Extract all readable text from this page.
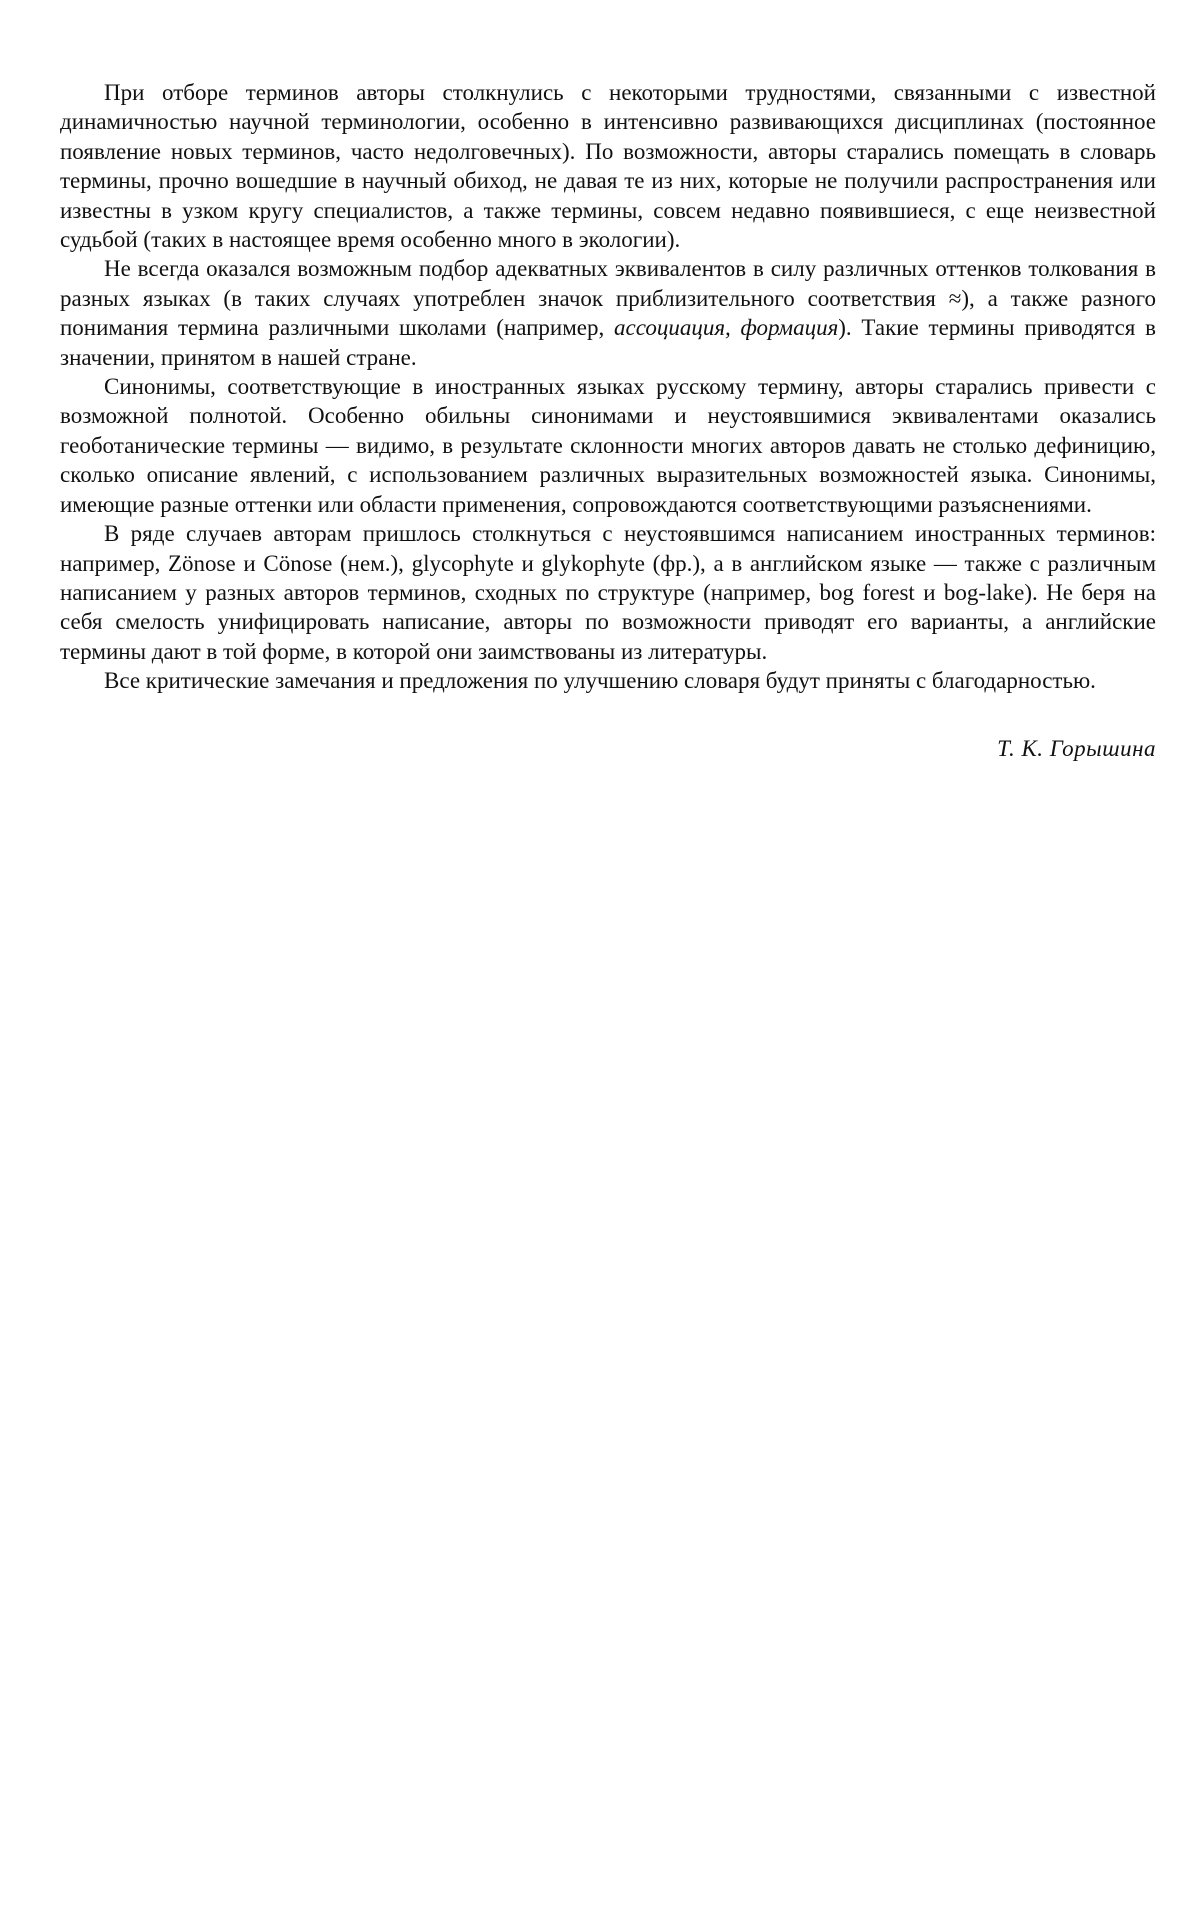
При отборе терминов авторы столкнулись с некоторыми трудностями, связанными с известной динамичностью научной терминологии, особенно в интенсивно развивающихся дисциплинах (постоянное появление новых терминов, часто недолговечных). По возможности, авторы старались помещать в словарь термины, прочно вошедшие в научный обиход, не давая те из них, которые не получили распространения или известны в узком кругу специалистов, а также термины, совсем недавно появившиеся, с еще неизвестной судьбой (таких в настоящее время особенно много в экологии).

Не всегда оказался возможным подбор адекватных эквивалентов в силу различных оттенков толкования в разных языках (в таких случаях употреблен значок приблизительного соответствия ≈), а также разного понимания термина различными школами (например, ассоциация, формация). Такие термины приводятся в значении, принятом в нашей стране.

Синонимы, соответствующие в иностранных языках русскому термину, авторы старались привести с возможной полнотой. Особенно обильны синонимами и неустоявшимися эквивалентами оказались геоботанические термины — видимо, в результате склонности многих авторов давать не столько дефиницию, сколько описание явлений, с использованием различных выразительных возможностей языка. Синонимы, имеющие разные оттенки или области применения, сопровождаются соответствующими разъяснениями.

В ряде случаев авторам пришлось столкнуться с неустоявшимся написанием иностранных терминов: например, Zönose и Cönose (нем.), glycophyte и glykophyte (фр.), а в английском языке — также с различным написанием у разных авторов терминов, сходных по структуре (например, bog forest и bog-lake). Не беря на себя смелость унифицировать написание, авторы по возможности приводят его варианты, а английские термины дают в той форме, в которой они заимствованы из литературы.

Все критические замечания и предложения по улучшению словаря будут приняты с благодарностью.

Т. К. Горышина
